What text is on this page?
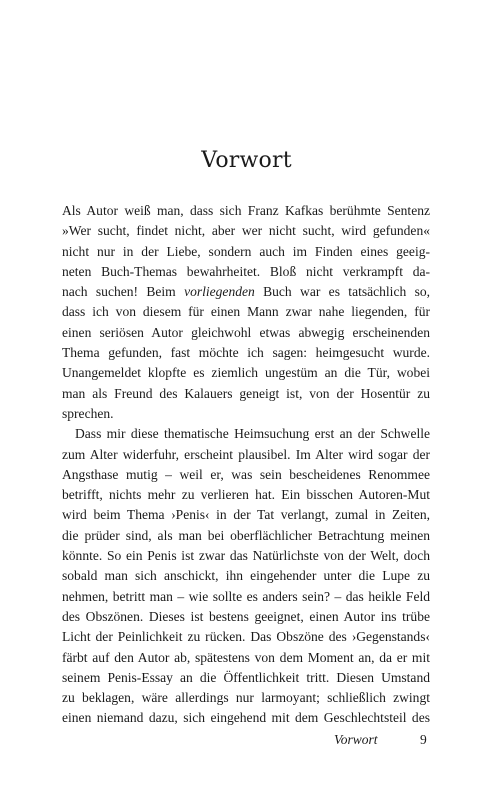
Vorwort
Als Autor weiß man, dass sich Franz Kafkas berühmte Sentenz
»Wer sucht, findet nicht, aber wer nicht sucht, wird gefunden«
nicht nur in der Liebe, sondern auch im Finden eines geeig-
neten Buch-Themas bewahrheitet. Bloß nicht verkrampft da-
nach suchen! Beim vorliegenden Buch war es tatsächlich so,
dass ich von diesem für einen Mann zwar nahe liegenden, für
einen seriösen Autor gleichwohl etwas abwegig erscheinenden
Thema gefunden, fast möchte ich sagen: heimgesucht wurde.
Unangemeldet klopfte es ziemlich ungestüm an die Tür, wobei
man als Freund des Kalauers geneigt ist, von der Hosentür zu
sprechen.
Dass mir diese thematische Heimsuchung erst an der Schwelle
zum Alter widerfuhr, erscheint plausibel. Im Alter wird sogar der
Angsthase mutig – weil er, was sein bescheidenes Renommee
betrifft, nichts mehr zu verlieren hat. Ein bisschen Autoren-Mut
wird beim Thema ›Penis‹ in der Tat verlangt, zumal in Zeiten,
die prüder sind, als man bei oberflächlicher Betrachtung meinen
könnte. So ein Penis ist zwar das Natürlichste von der Welt, doch
sobald man sich anschickt, ihn eingehender unter die Lupe zu
nehmen, betritt man – wie sollte es anders sein? – das heikle Feld
des Obszönen. Dieses ist bestens geeignet, einen Autor ins trübe
Licht der Peinlichkeit zu rücken. Das Obszöne des ›Gegenstands‹
färbt auf den Autor ab, spätestens von dem Moment an, da er mit
seinem Penis-Essay an die Öffentlichkeit tritt. Diesen Umstand
zu beklagen, wäre allerdings nur larmoyant; schließlich zwingt
einen niemand dazu, sich eingehend mit dem Geschlechtsteil des
Vorwort	9
